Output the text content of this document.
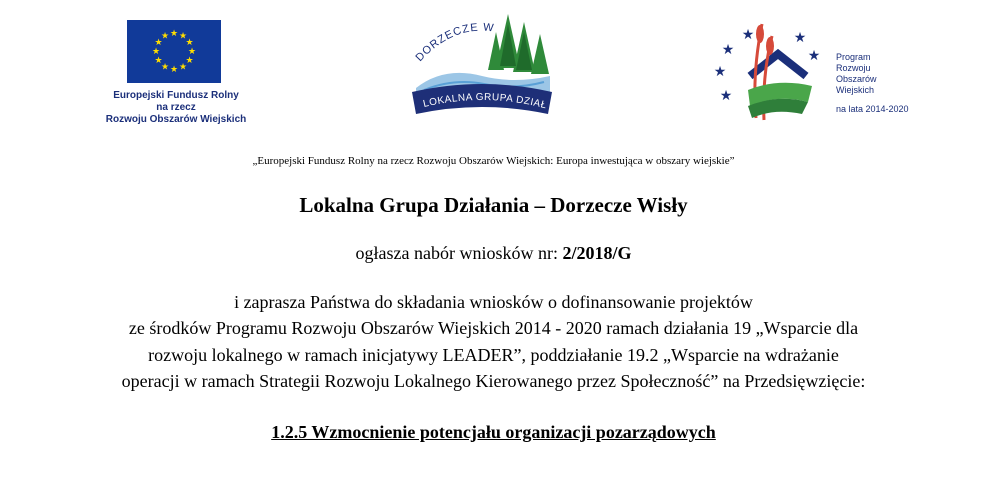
★ ★
★
★
★
★
★
★
★
★
★
★
Europejski Fundusz Rolny
na rzecz
Rozwoju Obszarów Wiejskich
DORZECZE W
LOKALNA GRUPA DZIAŁ
★
★
★
★
★
★ Program
Rozwoju
Obszarów
Wiejskich
na lata 2014-2020
„Europejski Fundusz Rolny na rzecz Rozwoju Obszarów Wiejskich: Europa inwestująca w obszary wiejskie”
Lokalna Grupa Działania – Dorzecze Wisły
ogłasza nabór wniosków nr: 2/2018/G
i zaprasza Państwa do składania wniosków o dofinansowanie projektów
ze środków Programu Rozwoju Obszarów Wiejskich 2014 - 2020 ramach działania 19 „Wsparcie dla
rozwoju lokalnego w ramach inicjatywy LEADER”, poddziałanie 19.2 „Wsparcie na wdrażanie
operacji w ramach Strategii Rozwoju Lokalnego Kierowanego przez Społeczność” na Przedsięwzięcie:
1.2.5 Wzmocnienie potencjału organizacji pozarządowych
